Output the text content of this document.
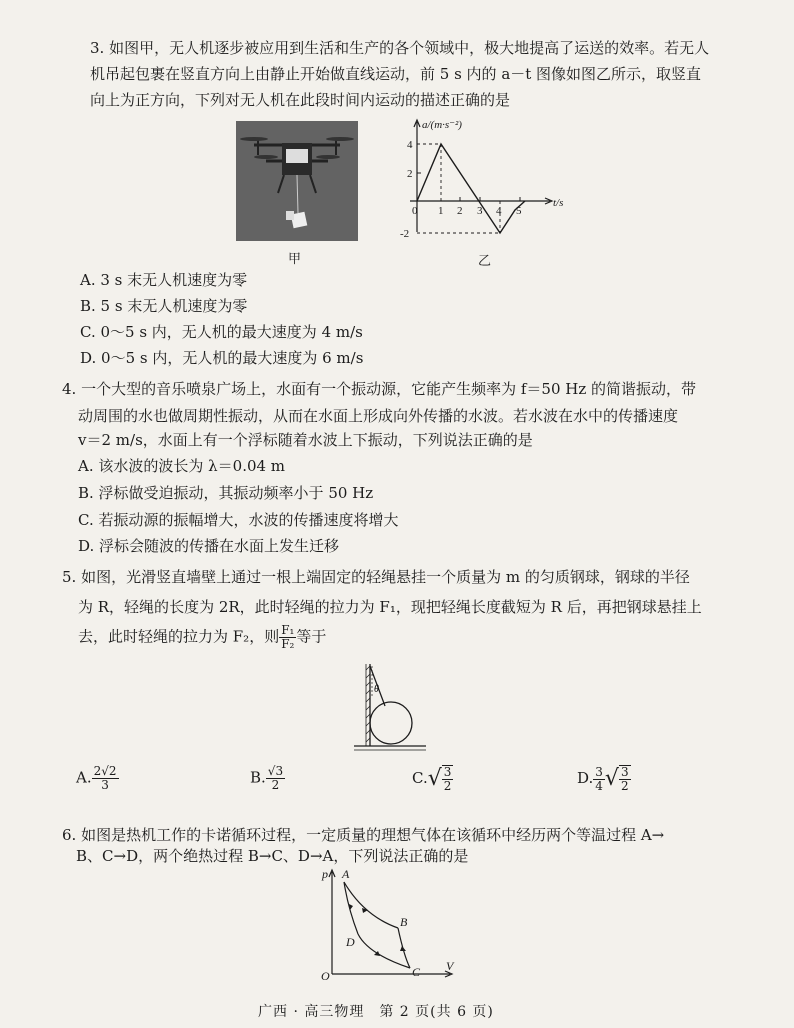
3. 如图甲，无人机逐步被应用到生活和生产的各个领域中，极大地提高了运送的效率。若无人
机吊起包裹在竖直方向上由静止开始做直线运动，前 5 s 内的 a－t 图像如图乙所示，取竖直
向上为正方向，下列对无人机在此段时间内运动的描述正确的是
甲
a/(m·s⁻²)
t/s
4
2
-2
0 1 2 3 4 5
乙
A. 3 s 末无人机速度为零
B. 5 s 末无人机速度为零
C. 0～5 s 内，无人机的最大速度为 4 m/s
D. 0～5 s 内，无人机的最大速度为 6 m/s
4. 一个大型的音乐喷泉广场上，水面有一个振动源，它能产生频率为 f＝50 Hz 的简谐振动，带
动周围的水也做周期性振动，从而在水面上形成向外传播的水波。若水波在水中的传播速度
v＝2 m/s，水面上有一个浮标随着水波上下振动，下列说法正确的是
A. 该水波的波长为 λ＝0.04 m
B. 浮标做受迫振动，其振动频率小于 50 Hz
C. 若振动源的振幅增大，水波的传播速度将增大
D. 浮标会随波的传播在水面上发生迁移
5. 如图，光滑竖直墙壁上通过一根上端固定的轻绳悬挂一个质量为 m 的匀质钢球，钢球的半径
为 R，轻绳的长度为 2R，此时轻绳的拉力为 F₁，现把轻绳长度截短为 R 后，再把钢球悬挂上
去，此时轻绳的拉力为 F₂，则 $\frac{\text{F₁}}{\text{F₂}}$ 等于
θ
A. $\frac{2√2}{3}$	B. $\frac{√3}{2}$	$C.√ \frac{3}{2}$	D. $\frac{3}{4}$ √ $\frac{3}{2}$
6. 如图是热机工作的卡诺循环过程，一定质量的理想气体在该循环中经历两个等温过程 A→
B、C→D，两个绝热过程 B→C、D→A，下列说法正确的是
p
V
O
A
B
C
D
广西 · 高三物理　第 2 页(共 6 页)
